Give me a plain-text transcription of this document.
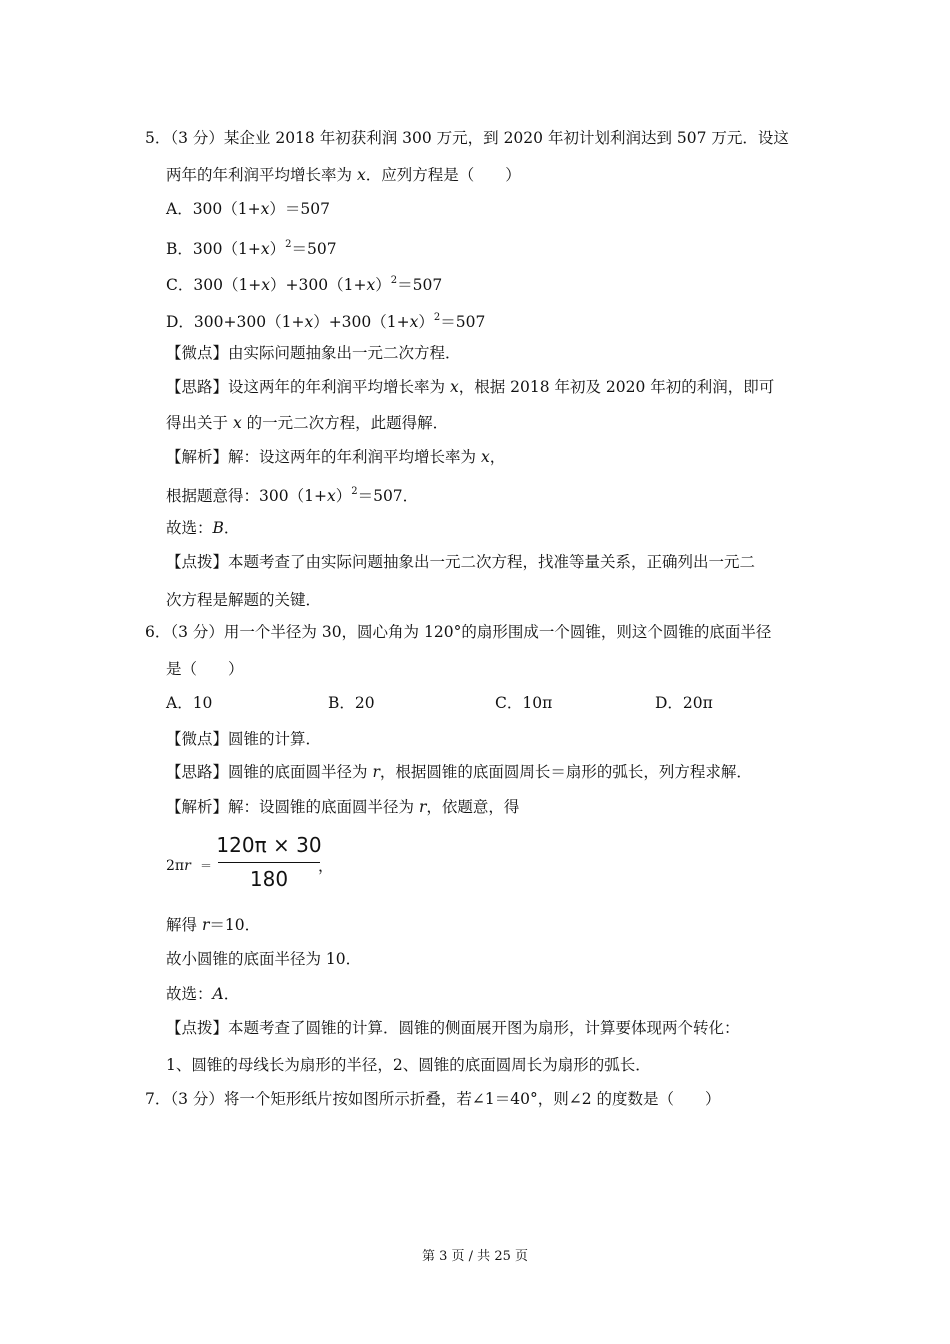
5．（3 分）某企业 2018 年初获利润 300 万元，到 2020 年初计划利润达到 507 万元．设这
两年的年利润平均增长率为 x．应列方程是（　　）
A．300（1+x）＝507
B．$300(1+x)^2=507$
C．$300(1+x)+300(1+x)^2=507$
D．$300+300(1+x)+300(1+x)^2=507$
【微点】由实际问题抽象出一元二次方程．
【思路】设这两年的年利润平均增长率为 x，根据 2018 年初及 2020 年初的利润，即可
得出关于 x 的一元二次方程，此题得解．
【解析】解：设这两年的年利润平均增长率为 x，
根据题意得：$300(1+x)^2=507$．
故选：B．
【点拨】本题考查了由实际问题抽象出一元二次方程，找准等量关系，正确列出一元二
次方程是解题的关键．
6．（3 分）用一个半径为 30，圆心角为 120°的扇形围成一个圆锥，则这个圆锥的底面半径
是（　　）
A．10	B．20	C．10π	D．20π
【微点】圆锥的计算．
【思路】圆锥的底面圆半径为 r，根据圆锥的底面圆周长＝扇形的弧长，列方程求解．
【解析】解：设圆锥的底面圆半径为 r，依题意，得
2πr ＝
120π × 30
180
，
解得 r＝10．
故小圆锥的底面半径为 10．
故选：A．
【点拨】本题考查了圆锥的计算．圆锥的侧面展开图为扇形，计算要体现两个转化：
1、圆锥的母线长为扇形的半径，2、圆锥的底面圆周长为扇形的弧长．
7．（3 分）将一个矩形纸片按如图所示折叠，若∠1＝40°，则∠2 的度数是（　　）
第 3 页 / 共 25 页
